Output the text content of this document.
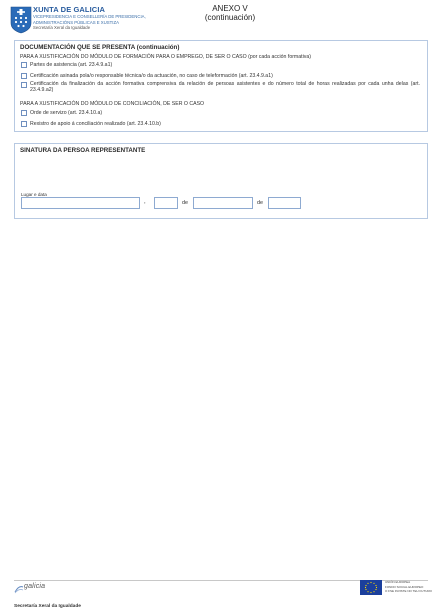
XUNTA DE GALICIA
VICEPRESIDENCIA E CONSELLERÍA DE PRESIDENCIA,
ADMINISTRACIÓNS PÚBLICAS E XUSTIZA
Secretaría Xeral da Igualdade
ANEXO V
(continuación)
DOCUMENTACIÓN QUE SE PRESENTA (continuación)
PARA A XUSTIFICACIÓN DO MÓDULO DE FORMACIÓN PARA O EMPREGO, DE SER O CASO (por cada acción formativa)
Partes de asistencia (art. 23.4.9.a1)
Certificación asinada pola/o responsable técnica/o da actuación, no caso de teleformación (art. 23.4.9.a1)
Certificación da finalización da acción formativa comprensiva da relación de persoas asistentes e do número total de horas realizadas por cada unha delas (art. 23.4.9.a2)
PARA A XUSTIFICACIÓN DO MÓDULO DE CONCILIACIÓN, DE SER O CASO
Orde de servizo (art. 23.4.10.a)
Rexistro de apoio á conciliación realizado (art. 23.4.10.b)
SINATURA DA PERSOA REPRESENTANTE
Lugar e data
,	de	de
galicia
UNIÓN EUROPEA
FONDO SOCIAL EUROPEO
O FSE INVISTE NO TEU FUTURO
Secretaría Xeral da Igualdade
